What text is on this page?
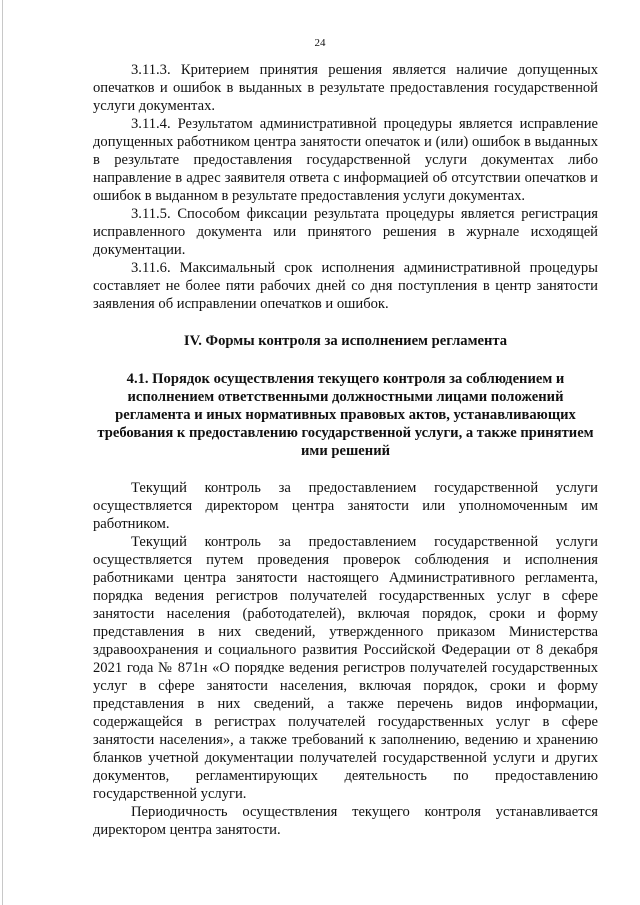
24

3.11.3. Критерием принятия решения является наличие допущенных опечатков и ошибок в выданных в результате предоставления государственной услуги документах.

3.11.4. Результатом административной процедуры является исправление допущенных работником центра занятости опечаток и (или) ошибок в выданных в результате предоставления государственной услуги документах либо направление в адрес заявителя ответа с информацией об отсутствии опечатков и ошибок в выданном в результате предоставления услуги документах.

3.11.5. Способом фиксации результата процедуры является регистрация исправленного документа или принятого решения в журнале исходящей документации.

3.11.6. Максимальный срок исполнения административной процедуры составляет не более пяти рабочих дней со дня поступления в центр занятости заявления об исправлении опечатков и ошибок.

IV. Формы контроля за исполнением регламента

4.1. Порядок осуществления текущего контроля за соблюдением и исполнением ответственными должностными лицами положений регламента и иных нормативных правовых актов, устанавливающих требования к предоставлению государственной услуги, а также принятием ими решений

Текущий контроль за предоставлением государственной услуги осуществляется директором центра занятости или уполномоченным им работником.

Текущий контроль за предоставлением государственной услуги осуществляется путем проведения проверок соблюдения и исполнения работниками центра занятости настоящего Административного регламента, порядка ведения регистров получателей государственных услуг в сфере занятости населения (работодателей), включая порядок, сроки и форму представления в них сведений, утвержденного приказом Министерства здравоохранения и социального развития Российской Федерации от 8 декабря 2021 года № 871н «О порядке ведения регистров получателей государственных услуг в сфере занятости населения, включая порядок, сроки и форму представления в них сведений, а также перечень видов информации, содержащейся в регистрах получателей государственных услуг в сфере занятости населения», а также требований к заполнению, ведению и хранению бланков учетной документации получателей государственной услуги и других документов, регламентирующих деятельность по предоставлению государственной услуги.

Периодичность осуществления текущего контроля устанавливается директором центра занятости.
